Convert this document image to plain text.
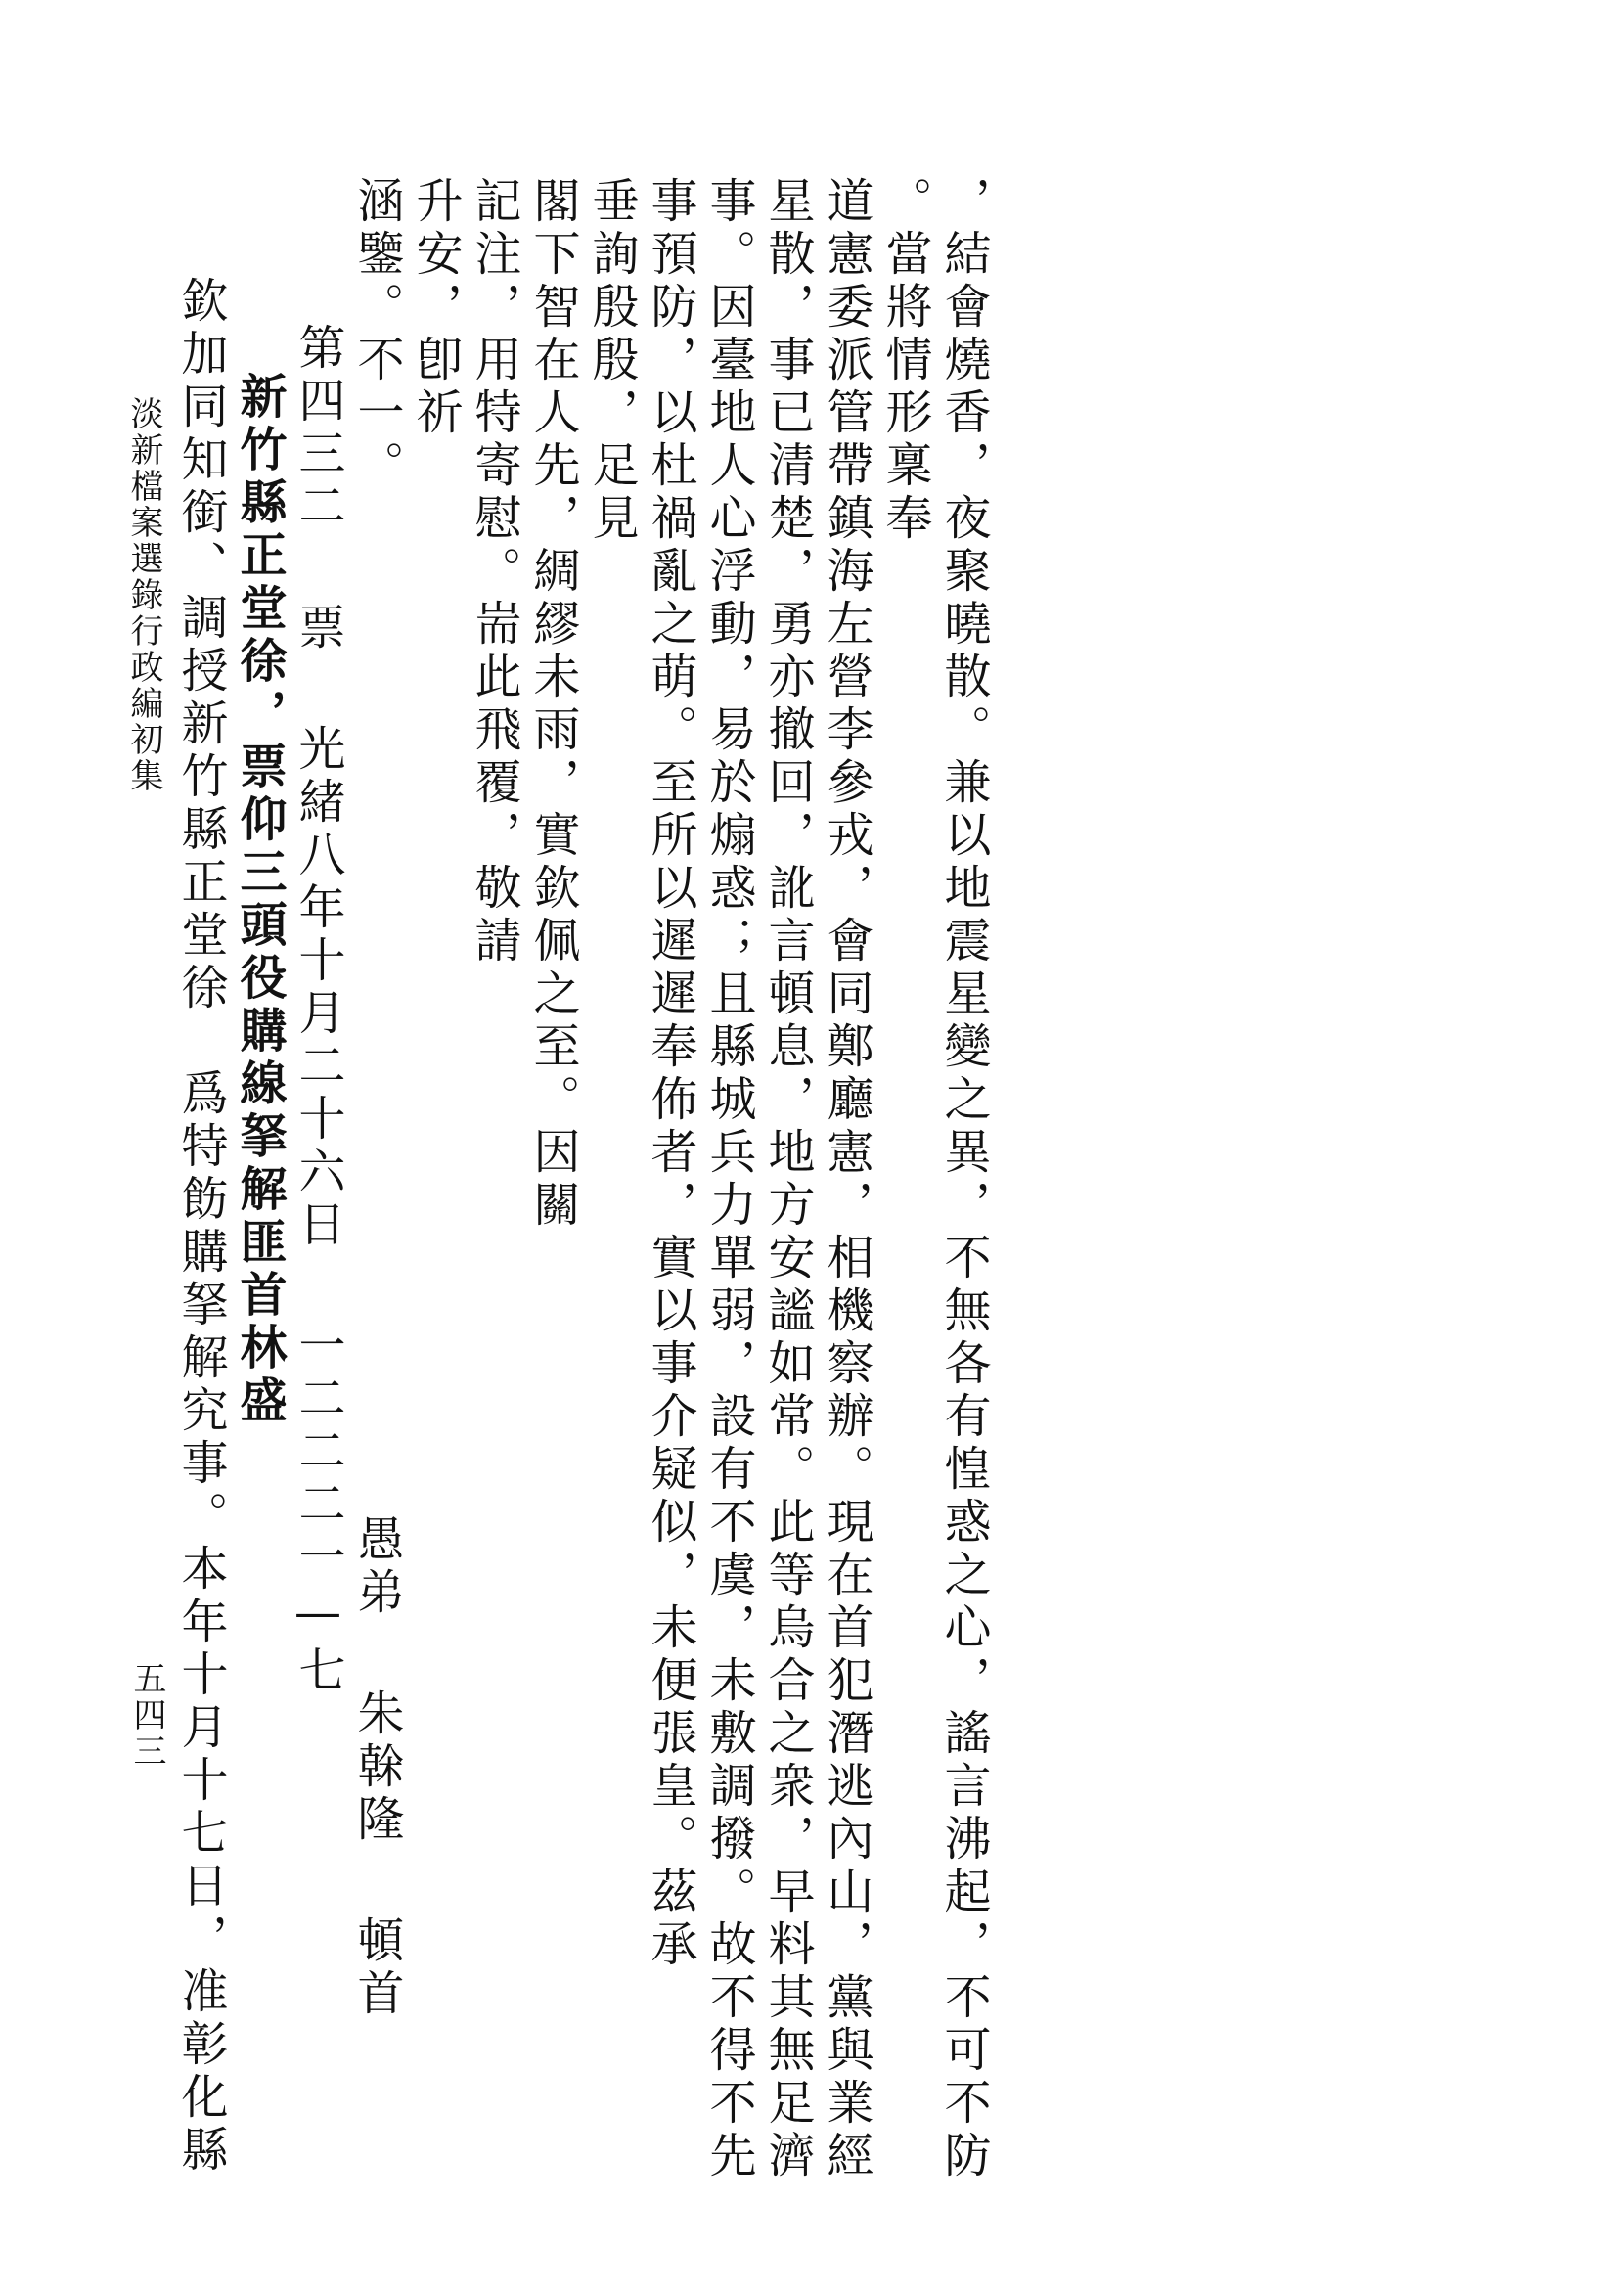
，結會燒香，夜聚曉散。兼以地震星變之異，不無各有惶惑之心，謠言沸起，不可不防
。當將情形稟奉
道憲委派管帶鎮海左營李參戎，會同鄭廳憲，相機察辦。現在首犯潛逃內山，黨與業經
星散，事已清楚，勇亦撤回，訛言頓息，地方安謐如常。此等烏合之衆，早料其無足濟
事。因臺地人心浮動，易於煽惑；且縣城兵力單弱，設有不虞，未敷調撥。故不得不先
事預防，以杜禍亂之萌。至所以遲遲奉佈者，實以事介疑似，未便張皇。茲承
垂詢殷殷，足見
閣下智在人先，綢繆未雨，實欽佩之至。因關
記注，用特寄慰。耑此飛覆，敬請
升安，卽祈
涵鑒。不一。
愚弟朱榦隆頓首
第四三二票光緒八年十月二十六日一二二二一—七
新竹縣正堂徐，票仰三頭役購線拏解匪首林盛
欽加同知銜、調授新竹縣正堂徐　爲特飭購拏解究事。本年十月十七日，准彰化縣
淡新檔案選錄行政編初集
五四三
